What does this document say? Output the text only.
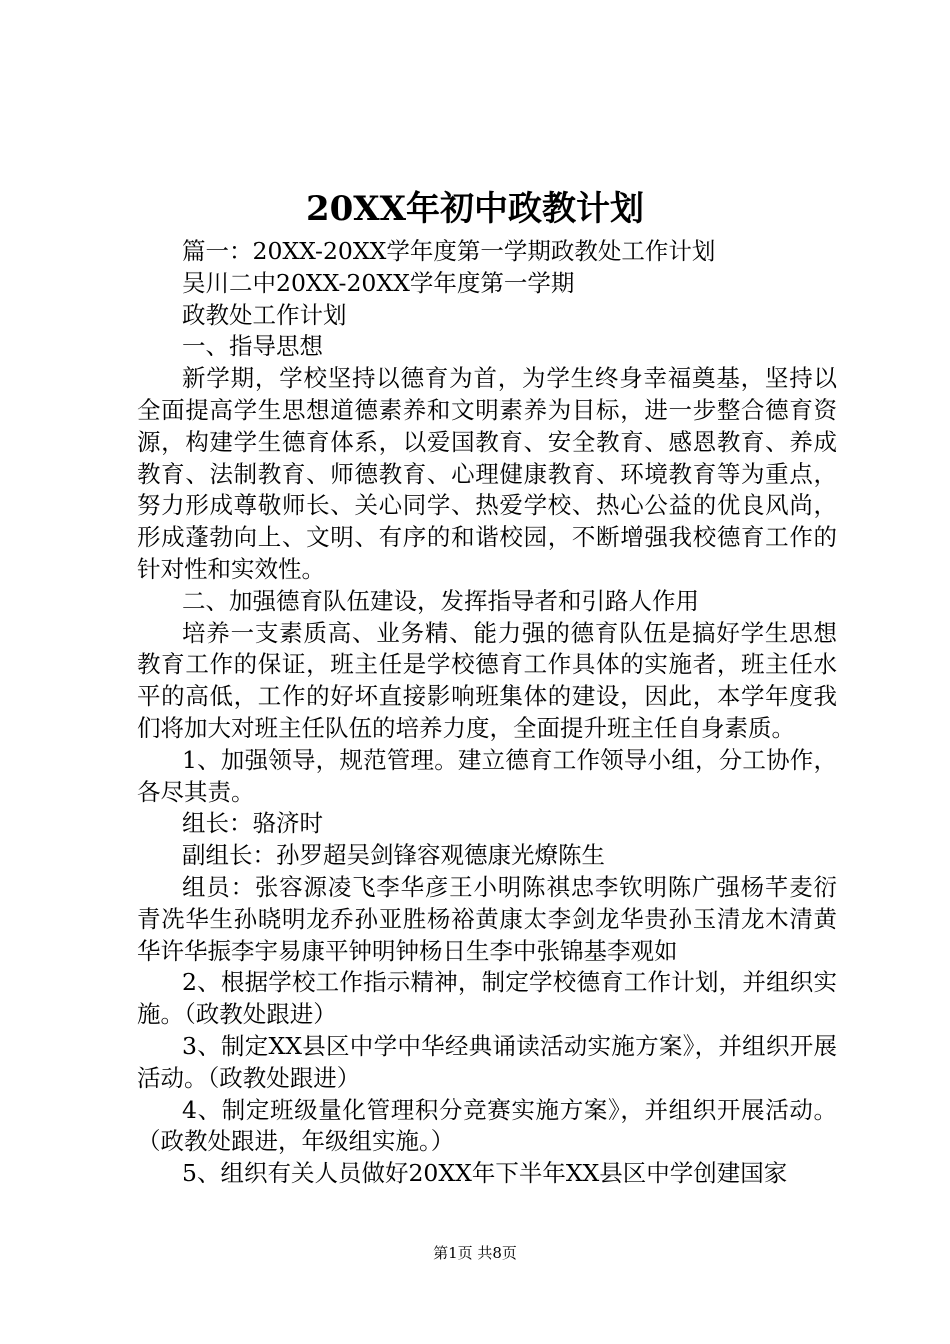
20XX年初中政教计划

篇一：20XX-20XX学年度第一学期政教处工作计划

吴川二中20XX-20XX学年度第一学期

政教处工作计划

一、指导思想

新学期，学校坚持以德育为首，为学生终身幸福奠基，坚持以全面提高学生思想道德素养和文明素养为目标，进一步整合德育资源，构建学生德育体系，以爱国教育、安全教育、感恩教育、养成教育、法制教育、师德教育、心理健康教育、环境教育等为重点，努力形成尊敬师长、关心同学、热爱学校、热心公益的优良风尚，形成蓬勃向上、文明、有序的和谐校园，不断增强我校德育工作的针对性和实效性。

二、加强德育队伍建设，发挥指导者和引路人作用

培养一支素质高、业务精、能力强的德育队伍是搞好学生思想教育工作的保证，班主任是学校德育工作具体的实施者，班主任水平的高低，工作的好坏直接影响班集体的建设，因此，本学年度我们将加大对班主任队伍的培养力度，全面提升班主任自身素质。

1、加强领导，规范管理。建立德育工作领导小组，分工协作，各尽其责。

组长：骆济时

副组长：孙罗超吴剑锋容观德康光燎陈生

组员：张容源凌飞李华彦王小明陈祺忠李钦明陈广强杨芊麦衍青冼华生孙晓明龙乔孙亚胜杨裕黄康太李剑龙华贵孙玉清龙木清黄华许华振李宇易康平钟明钟杨日生李中张锦基李观如

2、根据学校工作指示精神，制定学校德育工作计划，并组织实施。（政教处跟进）

3、制定XX县区中学中华经典诵读活动实施方案》，并组织开展活动。（政教处跟进）

4、制定班级量化管理积分竞赛实施方案》，并组织开展活动。（政教处跟进，年级组实施。）

5、组织有关人员做好20XX年下半年XX县区中学创建国家

第1页 共8页
